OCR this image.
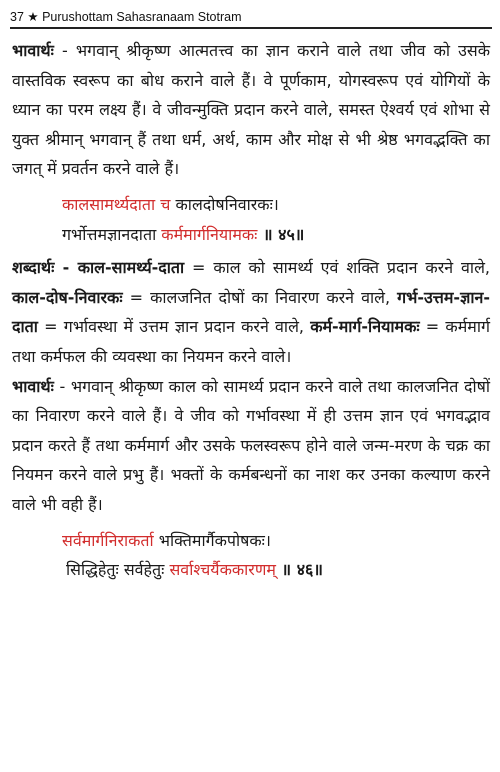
37 ★ Purushottam Sahasranaam Stotram

भावार्थः - भगवान् श्रीकृष्ण आत्मतत्त्व का ज्ञान कराने वाले तथा जीव को उसके वास्तविक स्वरूप का बोध कराने वाले हैं। वे पूर्णकाम, योगस्वरूप एवं योगियों के ध्यान का परम लक्ष्य हैं। वे जीवन्मुक्ति प्रदान करने वाले, समस्त ऐश्वर्य एवं शोभा से युक्त श्रीमान् भगवान् हैं तथा धर्म, अर्थ, काम और मोक्ष से भी श्रेष्ठ भगवद्भक्ति का जगत् में प्रवर्तन करने वाले हैं।

कालसामर्थ्यदाता च कालदोषनिवारकः।

गर्भोत्तमज्ञानदाता कर्ममार्गनियामकः ॥ ४५॥

शब्दार्थः - काल-सामर्थ्य-दाता = काल को सामर्थ्य एवं शक्ति प्रदान करने वाले, काल-दोष-निवारकः = कालजनित दोषों का निवारण करने वाले, गर्भ-उत्तम-ज्ञान-दाता = गर्भावस्था में उत्तम ज्ञान प्रदान करने वाले, कर्म-मार्ग-नियामकः = कर्ममार्ग तथा कर्मफल की व्यवस्था का नियमन करने वाले।

भावार्थः - भगवान् श्रीकृष्ण काल को सामर्थ्य प्रदान करने वाले तथा कालजनित दोषों का निवारण करने वाले हैं। वे जीव को गर्भावस्था में ही उत्तम ज्ञान एवं भगवद्भाव प्रदान करते हैं तथा कर्ममार्ग और उसके फलस्वरूप होने वाले जन्म-मरण के चक्र का नियमन करने वाले प्रभु हैं। भक्तों के कर्मबन्धनों का नाश कर उनका कल्याण करने वाले भी वही हैं।

सर्वमार्गनिराकर्ता भक्तिमार्गैकपोषकः।

सिद्धिहेतुः सर्वहेतुः सर्वाश्चर्यैककारणम् ॥ ४६॥
